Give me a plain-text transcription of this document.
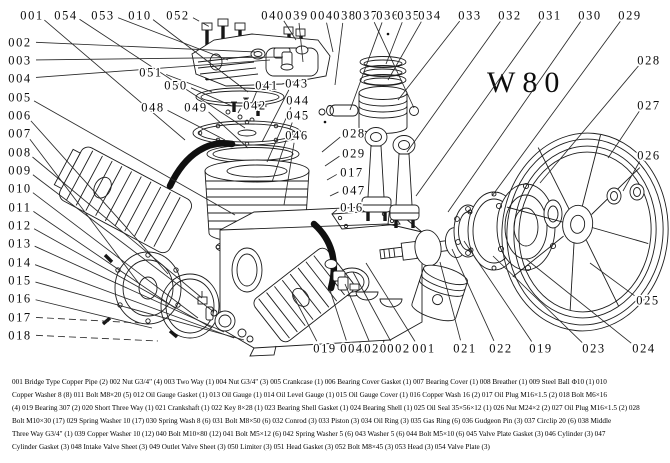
W80
001 054 053 010 052	040 039 004 038
037
036
035
034 033 032 031 030 029
002
003
004
005
006
007
008
009
010
011
012
013
014
015
016
017
018
051
050
048 049
041
042
043
044
045
046	028
029
017
047
016
028
027
026
025
019 004 020 002 001 021 022 019 023 024
001 Bridge Type Copper Pipe (2) 002 Nut G3/4" (4) 003 Two Way (1) 004 Nut G3/4" (3) 005 Crankcase (1) 006 Bearing Cover Gasket (1) 007 Bearing Cover (1) 008 Breather (1) 009 Steel Ball Φ10 (1) 010
Copper Washer 8 (8) 011 Bolt M8×20 (5) 012 Oil Gauge Gasket (1) 013 Oil Gauge (1) 014 Oil Level Gauge (1) 015 Oil Gauge Cover (1) 016 Copper Wash 16 (2) 017 Oil Plug M16×1.5 (2) 018 Bolt M6×16
(4) 019 Bearing 307 (2) 020 Short Three Way (1) 021 Crankshaft (1) 022 Key 8×28 (1) 023 Bearing Shell Gasket (1) 024 Bearing Shell (1) 025 Oil Seal 35×56×12 (1) 026 Nut M24×2 (2) 027 Oil Plug M16×1.5 (2) 028
Bolt M10×30 (17) 029 Spring Washer 10 (17) 030 Spring Wash 8 (6) 031 Bolt M8×50 (6) 032 Conrod (3) 033 Piston (3) 034 Oil Ring (3) 035 Gas Ring (6) 036 Gudgeon Pin (3) 037 Circlip 20 (6) 038 Middle
Three Way G3/4" (1) 039 Copper Washer 10 (12) 040 Bolt M10×80 (12) 041 Bolt M5×12 (6) 042 Spring Washer 5 (6) 043 Washer 5 (6) 044 Bolt M5×10 (6) 045 Valve Plate Gasket (3) 046 Cylinder (3) 047
Cylinder Gasket (3) 048 Intake Valve Sheet (3) 049 Outlet Valve Sheet (3) 050 Limiter (3) 051 Head Gasket (3) 052 Bolt M8×45 (3) 053 Head (3) 054 Valve Plate (3)
